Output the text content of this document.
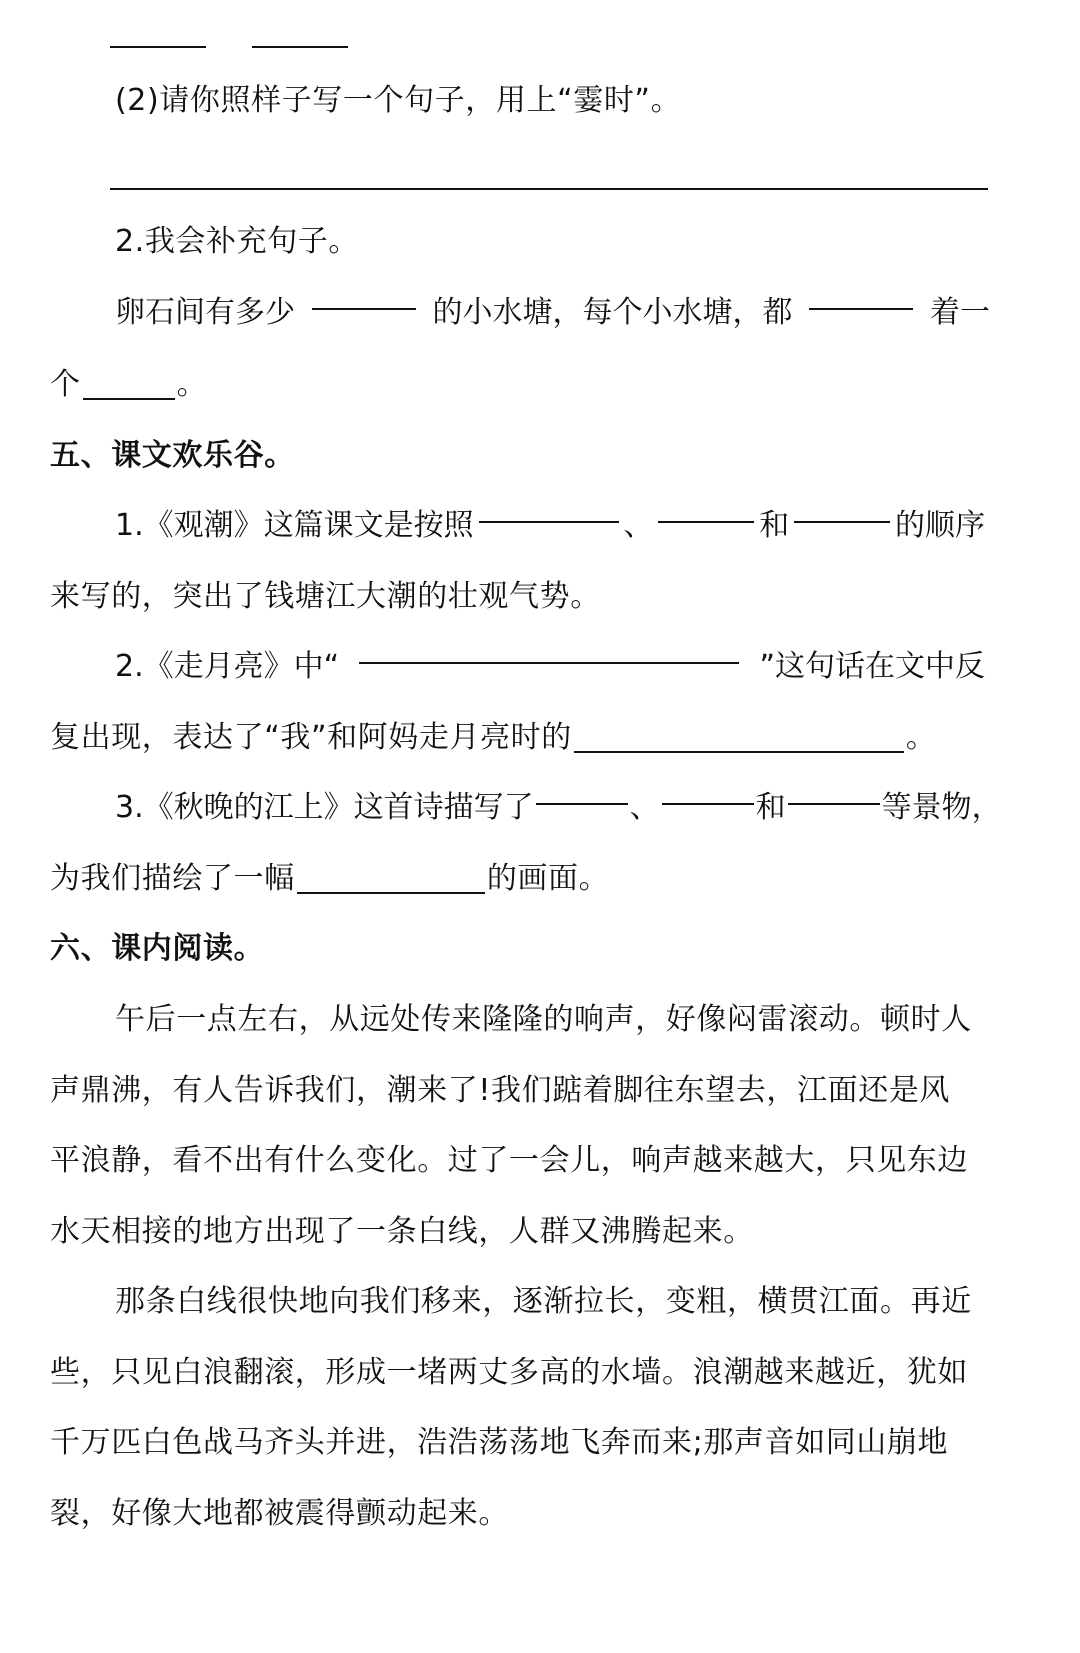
(2)请你照样子写一个句子，用上“霎时”。
2.我会补充句子。
卵石间有多少	的小水塘，每个小水塘，都	着一
个	。
五、课文欢乐谷。
1.《观潮》这篇课文是按照	、	和	的顺序
来写的，突出了钱塘江大潮的壮观气势。
2.《走月亮》中“	”这句话在文中反
复出现，表达了“我”和阿妈走月亮时的	。
3.《秋晚的江上》这首诗描写了	、	和	等景物，
为我们描绘了一幅	的画面。
六、课内阅读。
午后一点左右，从远处传来隆隆的响声，好像闷雷滚动。顿时人
声鼎沸，有人告诉我们，潮来了!我们踮着脚往东望去，江面还是风
平浪静，看不出有什么变化。过了一会儿，响声越来越大，只见东边
水天相接的地方出现了一条白线，人群又沸腾起来。
那条白线很快地向我们移来，逐渐拉长，变粗，横贯江面。再近
些，只见白浪翻滚，形成一堵两丈多高的水墙。浪潮越来越近，犹如
千万匹白色战马齐头并进，浩浩荡荡地飞奔而来;那声音如同山崩地
裂，好像大地都被震得颤动起来。
